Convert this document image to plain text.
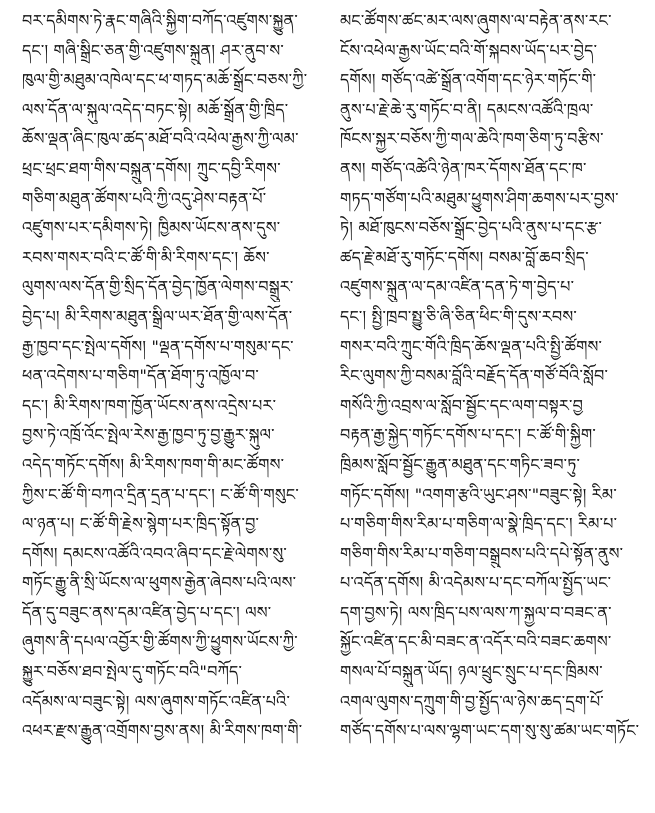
བར་དམིགས་ཏེ་རྣང་གཞིའི་སྐྱིག་བཀོད་འཛུགས་སྐྱུན་
དང་། གཞི་སྒྲིང་ཅན་གྱི་འཛུགས་སྐྲུན། ཤར་ནུབ་ས་
ཁུལ་གྱི་མཐུམ་འཁེལ་དང་ཕ་གཏད་མཆོ་སྒྲོང་བཅས་ཀྱི་
ལས་དོན་ལ་སྐུལ་འདེད་བཏང་སྟེ། མཆོ་སྒྲོན་གྱི་ཁྲིད་
ཆོས་ལྡན་ཞིང་ཁུལ་ཚད་མཐོ་བའི་འཕེལ་རྒྱས་ཀྱི་ལམ་
ཕྲང་ཕྲང་ཐག་གིས་བསྐྲུན་དགོས། ཀྲུང་དབྱི་རིགས་
གཅིག་མཐུན་ཚོགས་པའི་ཀྱི་འདུ་ཤེས་བརྟན་པོ་
འཛུགས་པར་དམིགས་ཏེ། ཁྱིམས་ཡོངས་ནས་དུས་
རབས་གསར་བའི་ང་ཚོ་གི་མི་རིགས་དང་། ཆོས་
ལུགས་ལས་དོན་གྱི་སྲིད་དོན་བྱེད་ཁྱོན་ལེགས་བསྒྲུར་
བྱེད་པ། མི་རིགས་མཐུན་སྒྲིལ་ཡར་ཐོན་གྱི་ལས་དོན་
རྒྱ་ཁྱབ་དང་སྤེལ་དགོས། "ལྡན་དགོས་པ་གསུམ་དང་
ཕན་འདེགས་པ་གཅིག"དོན་ཐོག་ཏུ་འཁྱོལ་བ་
དང་། མི་རིགས་ཁག་ཁྱོན་ཡོངས་ནས་འདྲེས་པར་
བྱས་ཏེ་འཁྲོ་འོང་སྤེལ་རེས་རྒྱ་ཁྱབ་ཏུ་བྱ་རྒྱུར་སྐུལ་
འདེད་གཏོང་དགོས། མི་རིགས་ཁག་གི་མང་ཚོགས་
ཀྱིས་ང་ཚོ་གི་བཀའ་དྲིན་དྲན་པ་དང་། ང་ཚོ་གི་གསུང་
ལ་ཉན་པ། ང་ཚོ་གི་རྗེས་སྙེག་པར་ཁྲིད་སྟོན་བྱ་
དགོས། དམངས་འཚོའི་འབའ་ཞིབ་དང་རྗེ་ལེགས་སུ་
གཏོང་རྒྱུ་ནི་སྲི་ཡོངས་ལ་ཕུགས་རྒྱེན་ཞེབས་པའི་ལས་
དོན་དུ་བཟུང་ནས་དམ་འཛིན་བྱེད་པ་དང་། ལས་
ཞུགས་ནི་དཔལ་འབྱོར་གྱི་ཚོགས་ཀྱི་ཕྱུགས་ཡོངས་ཀྱི་
སྐྱུར་བཅོས་ཐབ་སྤེལ་དུ་གཏོང་བའི"བཀོད་
འདོམས་ལ་བཟུང་སྟེ། ལས་ཞུགས་གཏོང་འཛིན་པའི་
འཕར་རྫས་རྒྱུན་འགྲོགས་བྱས་ནས། མི་རིགས་ཁག་གི་
མང་ཚོགས་ཚང་མར་ལས་ཞུགས་ལ་བརྟེན་ནས་རང་
ངོས་འཕེལ་རྒྱས་ཡོང་བའི་གོ་སྐབས་ཡོད་པར་བྱེད་
དགོས། གཙོད་འཚེ་སྒྲོན་འགོག་དང་ཉེར་གཏོང་གི་
ནུས་པ་རྗེ་ཆེ་རུ་གཏོང་བ་ནི། དམངས་འཚོའི་ཁྲལ་
ཁོངས་སྐྱར་བཅོས་ཀྱི་གལ་ཆེའི་ཁག་ཅིག་ཏུ་བརྩིས་
ནས། གཙོད་འཚེའི་ཉེན་ཁར་དོགས་ཐོན་དང་ཁ་
གཏད་གཙོག་པའི་མཐུམ་ཕྱུགས་ཤིག་ཆགས་པར་བྱས་
ཏེ། མཐོ་ཁུངས་བཅོས་སྒྲོང་བྱེད་པའི་ནུས་པ་དང་རྩ་
ཚད་རྗེ་མཐོ་རུ་གཏོང་དགོས། བསམ་བློ་ཆབ་སྲིད་
འཛུགས་སྐྲུན་ལ་དམ་འཛིན་དན་ཏེ་ག་བྱེད་པ་
དང་། སྤྱི་ཁྲབ་སྤྱུ་ཅི་ཞི་ཅིན་ཕིང་གི་དུས་རབས་
གསར་བའི་ཀྲུང་གོའི་ཁྲིད་ཆོས་ལྡན་པའི་སྤྱི་ཚོགས་
རིང་ལུགས་ཀྱི་བསམ་བློའི་བརྗོད་དོན་གཙོ་བོའི་སློབ་
གསོའི་ཀྱི་འབྲས་ལ་སློབ་སྦྱོང་དང་ལག་བསྟར་བྱ
བརྟན་རྒྱ་སྐྱེད་གཏོང་དགོས་པ་དང་། ང་ཚོ་གི་སྐྱིག་
ཁྲིམས་སློབ་སྦྱོང་རྒྱུན་མཐུན་དང་གཏིང་ཟབ་ཏུ་
གཏོང་དགོས། "འགག་རྩའི་ཡུང་ཤས་"བཟུང་སྟེ། རིམ་
པ་གཅིག་གིས་རིམ་པ་གཅིག་ལ་སྣེ་ཁྲིད་དང་། རིམ་པ་
གཅིག་གིས་རིམ་པ་གཅིག་བསྒྲུབས་པའི་དཔེ་སྟོན་ནུས་
པ་འདོན་དགོས། མི་འདེམས་པ་དང་བཀོལ་སྤྱོད་ཡང་
དག་བྱས་ཏེ། ལས་ཁྲིད་པས་ལས་ཀ་སྐྱལ་བ་བཟང་ན་
སྐྱོང་འཛིན་དང་མི་བཟང་ན་འདོར་བའི་བཟང་ཆགས་
གསལ་པོ་བསྐྲུན་ཡོད། ཉལ་ཕྲུང་སྲུང་པ་དང་ཁྲིམས་
འགལ་ལུགས་དཀྲུག་གི་བྱ་སྤྱོད་ལ་ཉེས་ཆད་དྲག་པོ་
གཙོད་དགོས་པ་ལས་ལྷག་ཡང་དག་སུ་སུ་ཚམ་ཡང་གཏོང་
